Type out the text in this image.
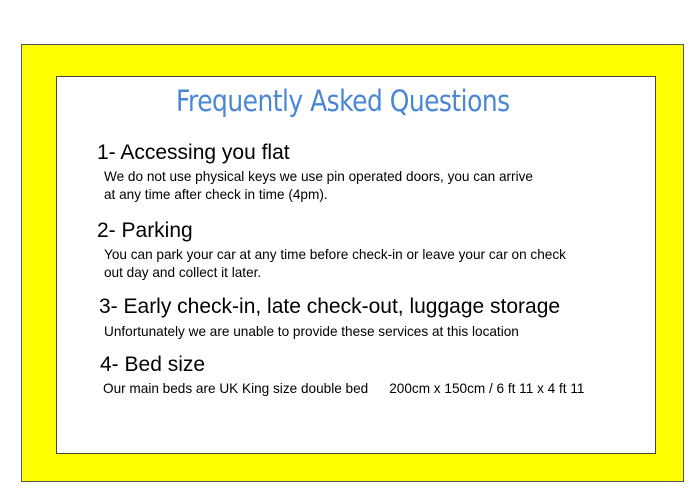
Frequently Asked Questions
1- Accessing you flat

We do not use physical keys we use pin operated doors, you can arrive
at any time after check in time (4pm).

2- Parking

You can park your car at any time before check-in or leave your car on check
out day and collect it later.

3- Early check-in, late check-out, luggage storage

Unfortunately we are unable to provide these services at this location

4- Bed size

Our main beds are UK King size double bed 200cm x 150cm / 6 ft 11 x 4 ft 11
